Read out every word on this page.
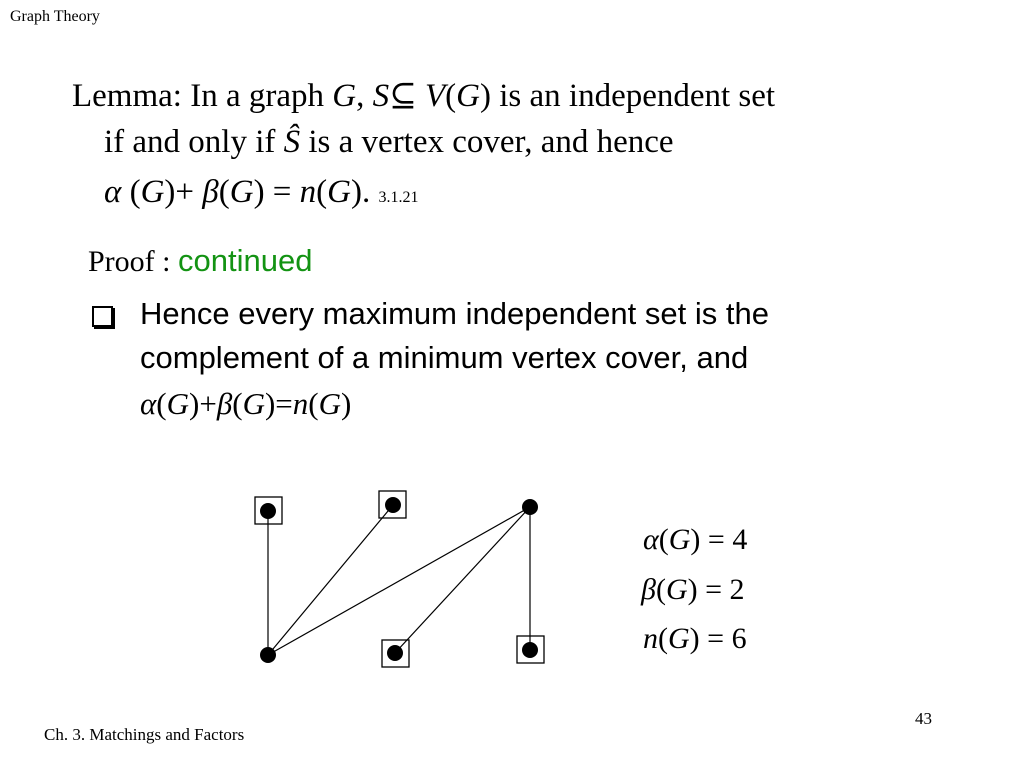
Graph Theory
Lemma: In a graph G, S⊆ V(G) is an independent set
if and only if Ŝ is a vertex cover, and hence
α (G)+ β(G) = n(G). 3.1.21
Proof : continued
Hence every maximum independent set is the
complement of a minimum vertex cover, and
α(G)+β(G)=n(G)
α(G) = 4
β(G) = 2
n(G) = 6
Ch. 3. Matchings and Factors
43
